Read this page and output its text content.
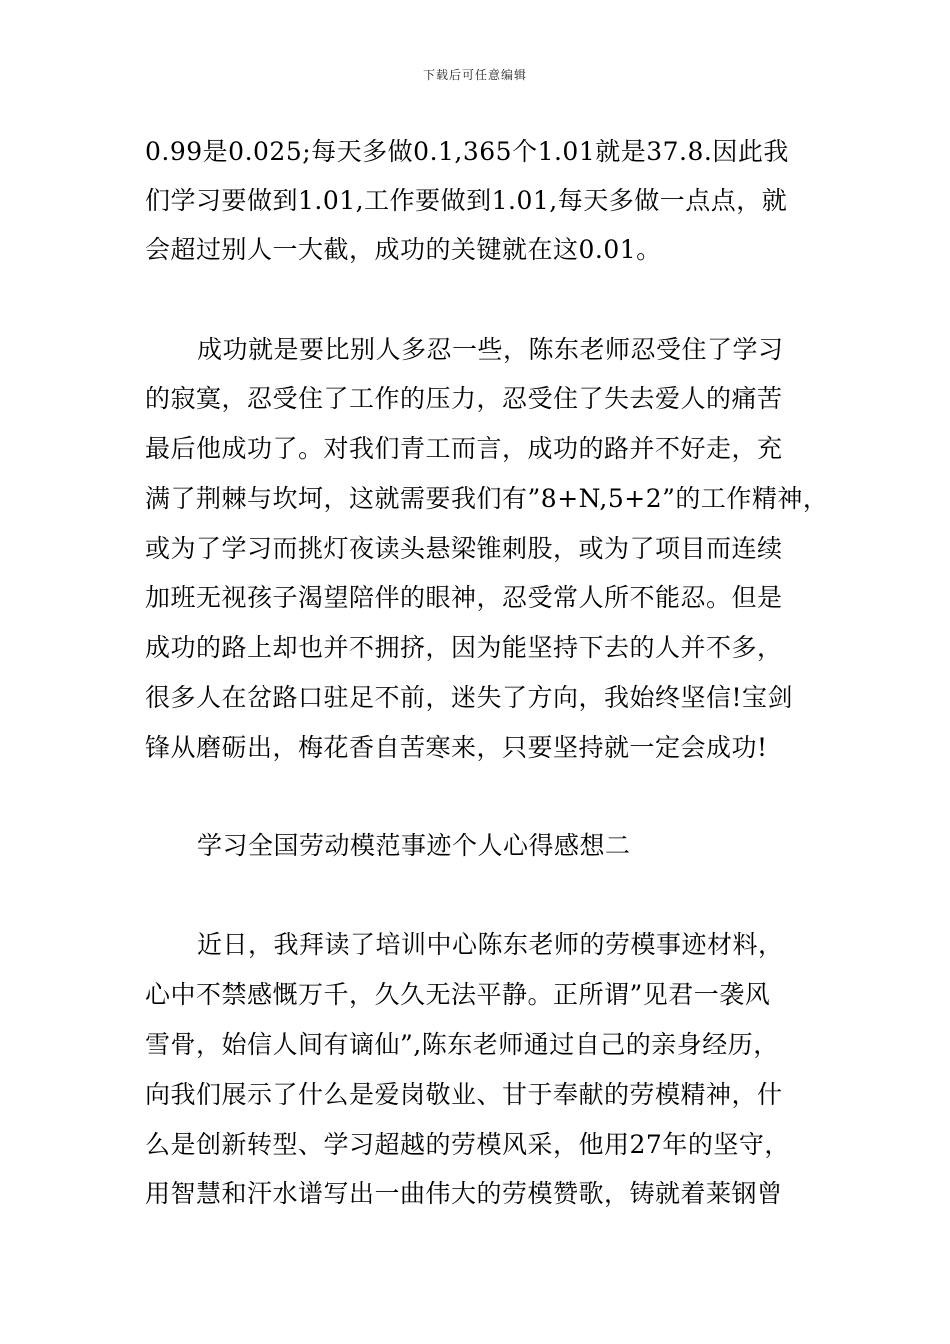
下载后可任意编辑
0.99是0.025;每天多做0.1,365个1.01就是37.8.因此我
们学习要做到1.01,工作要做到1.01,每天多做一点点，就
会超过别人一大截，成功的关键就在这0.01。
成功就是要比别人多忍一些，陈东老师忍受住了学习
的寂寞，忍受住了工作的压力，忍受住了失去爱人的痛苦
最后他成功了。对我们青工而言，成功的路并不好走，充
满了荆棘与坎坷，这就需要我们有”8+N,5+2”的工作精神，
或为了学习而挑灯夜读头悬梁锥刺股，或为了项目而连续
加班无视孩子渴望陪伴的眼神，忍受常人所不能忍。但是
成功的路上却也并不拥挤，因为能坚持下去的人并不多，
很多人在岔路口驻足不前，迷失了方向，我始终坚信!宝剑
锋从磨砺出，梅花香自苦寒来，只要坚持就一定会成功!
学习全国劳动模范事迹个人心得感想二
近日，我拜读了培训中心陈东老师的劳模事迹材料，
心中不禁感慨万千，久久无法平静。正所谓”见君一袭风
雪骨，始信人间有谪仙”,陈东老师通过自己的亲身经历，
向我们展示了什么是爱岗敬业、甘于奉献的劳模精神，什
么是创新转型、学习超越的劳模风采，他用27年的坚守，
用智慧和汗水谱写出一曲伟大的劳模赞歌，铸就着莱钢曾
